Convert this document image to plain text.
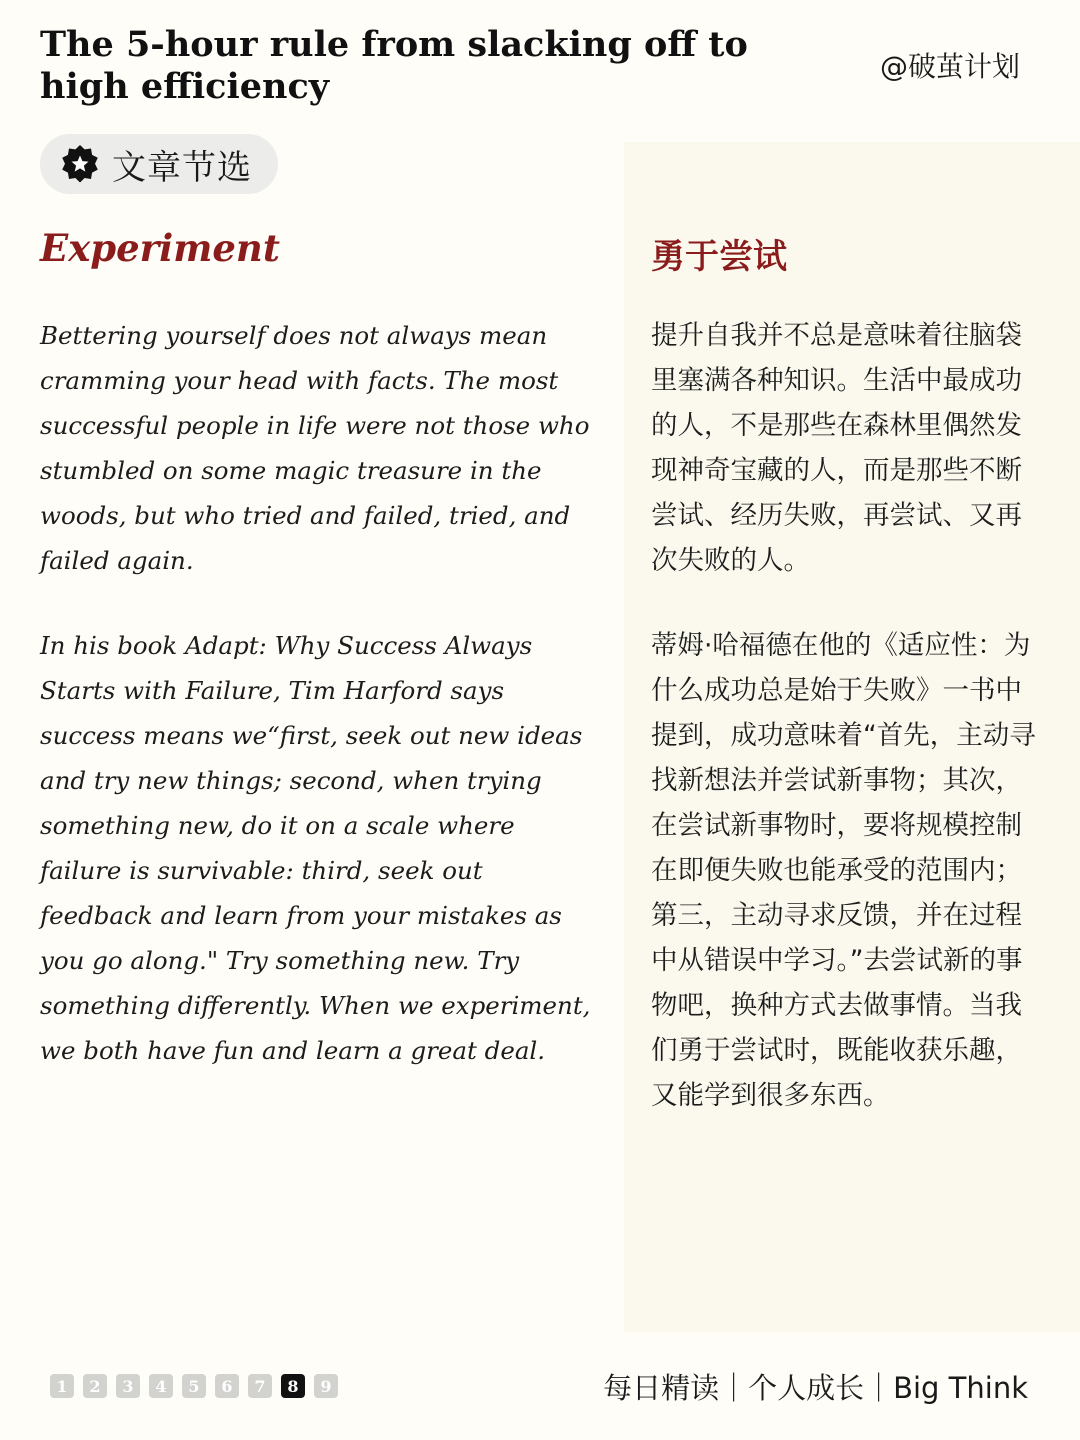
The 5-hour rule from slacking off to high efficiency	@破茧计划
文章节选
Experiment	勇于尝试

Bettering yourself does not always mean cramming your head with facts. The most successful people in life were not those who stumbled on some magic treasure in the woods, but who tried and failed, tried, and failed again.

In his book Adapt: Why Success Always Starts with Failure, Tim Harford says success means we“first, seek out new ideas and try new things; second, when trying something new, do it on a scale where failure is survivable: third, seek out feedback and learn from your mistakes as you go along." Try something new. Try something differently. When we experiment, we both have fun and learn a great deal.

提升自我并不总是意味着往脑袋里塞满各种知识。生活中最成功的人，不是那些在森林里偶然发现神奇宝藏的人，而是那些不断尝试、经历失败，再尝试、又再次失败的人。

蒂姆·哈福德在他的《适应性：为什么成功总是始于失败》一书中提到，成功意味着“首先，主动寻找新想法并尝试新事物；其次，在尝试新事物时，要将规模控制在即便失败也能承受的范围内；第三，主动寻求反馈，并在过程中从错误中学习。”去尝试新的事物吧，换种方式去做事情。当我们勇于尝试时，既能收获乐趣，又能学到很多东西。

1	2	3	4	5	6	7	8	9	每日精读｜个人成长｜Big Think
